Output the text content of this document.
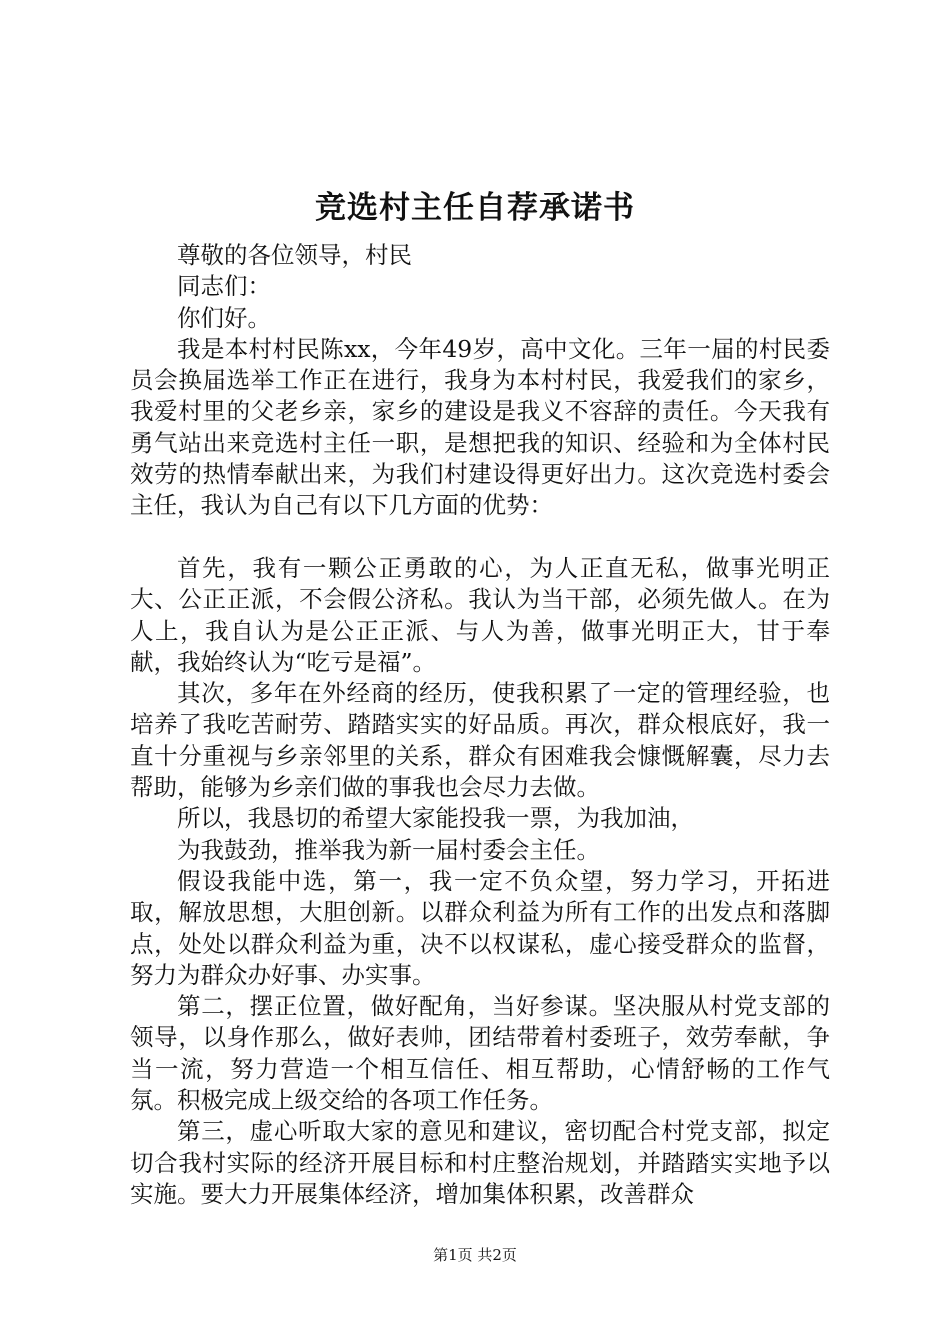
竞选村主任自荐承诺书

尊敬的各位领导，村民

同志们：

你们好。

我是本村村民陈xx，今年49岁，高中文化。三年一届的村民委员会换届选举工作正在进行，我身为本村村民，我爱我们的家乡，我爱村里的父老乡亲，家乡的建设是我义不容辞的责任。今天我有勇气站出来竞选村主任一职，是想把我的知识、经验和为全体村民效劳的热情奉献出来，为我们村建设得更好出力。这次竞选村委会主任，我认为自己有以下几方面的优势：

首先，我有一颗公正勇敢的心，为人正直无私，做事光明正大、公正正派，不会假公济私。我认为当干部，必须先做人。在为人上，我自认为是公正正派、与人为善，做事光明正大，甘于奉献，我始终认为“吃亏是福”。

其次，多年在外经商的经历，使我积累了一定的管理经验，也培养了我吃苦耐劳、踏踏实实的好品质。再次，群众根底好，我一直十分重视与乡亲邻里的关系，群众有困难我会慷慨解囊，尽力去帮助，能够为乡亲们做的事我也会尽力去做。

所以，我恳切的希望大家能投我一票，为我加油，

为我鼓劲，推举我为新一届村委会主任。

假设我能中选，第一，我一定不负众望，努力学习，开拓进取，解放思想，大胆创新。以群众利益为所有工作的出发点和落脚点，处处以群众利益为重，决不以权谋私，虚心接受群众的监督，努力为群众办好事、办实事。

第二，摆正位置，做好配角，当好参谋。坚决服从村党支部的领导，以身作那么，做好表帅，团结带着村委班子，效劳奉献，争当一流，努力营造一个相互信任、相互帮助，心情舒畅的工作气氛。积极完成上级交给的各项工作任务。

第三，虚心听取大家的意见和建议，密切配合村党支部，拟定切合我村实际的经济开展目标和村庄整治规划，并踏踏实实地予以实施。要大力开展集体经济，增加集体积累，改善群众

第1页 共2页
